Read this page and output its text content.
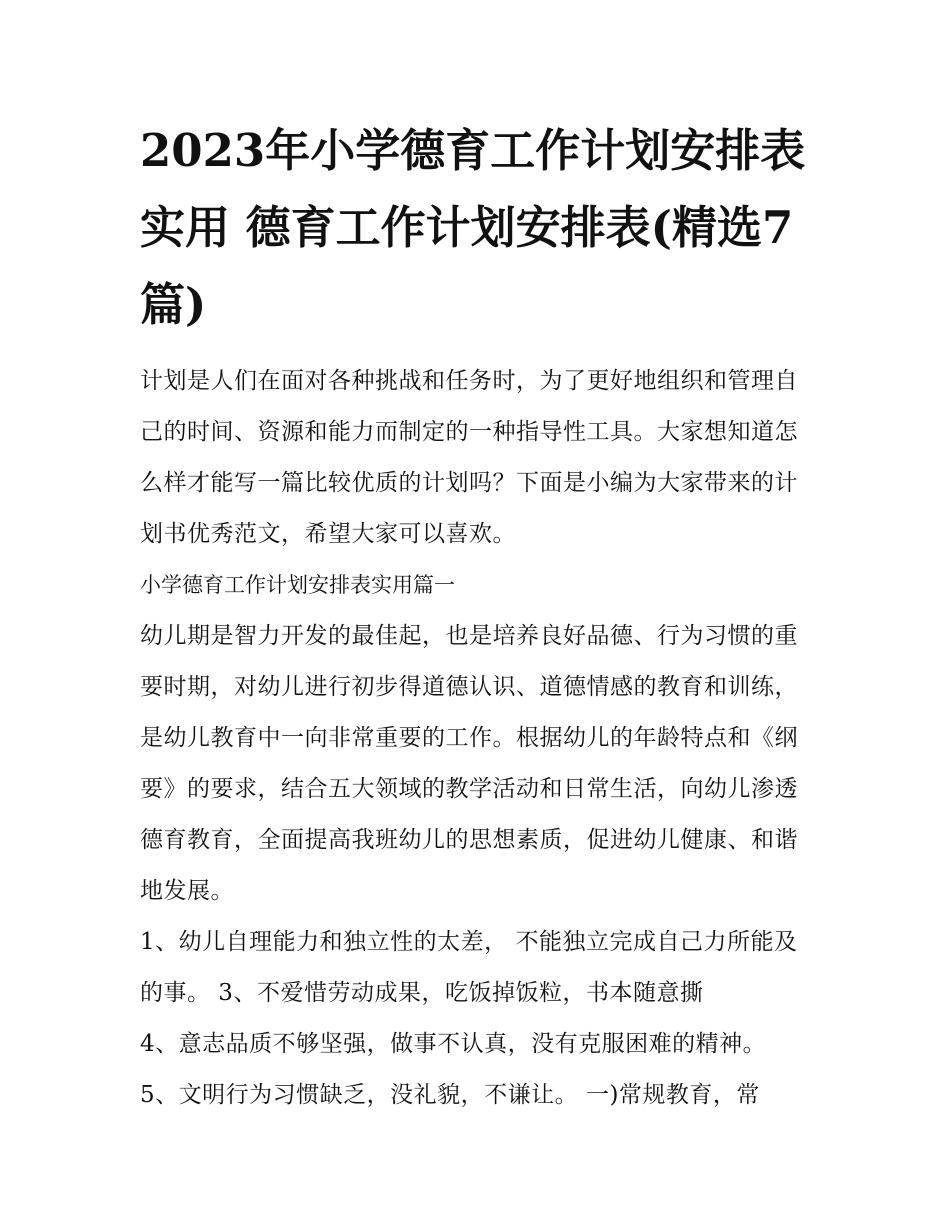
2023年小学德育工作计划安排表实用 德育工作计划安排表(精选7篇)

计划是人们在面对各种挑战和任务时，为了更好地组织和管理自己的时间、资源和能力而制定的一种指导性工具。大家想知道怎么样才能写一篇比较优质的计划吗？下面是小编为大家带来的计划书优秀范文，希望大家可以喜欢。

小学德育工作计划安排表实用篇一

幼儿期是智力开发的最佳起，也是培养良好品德、行为习惯的重要时期，对幼儿进行初步得道德认识、道德情感的教育和训练，是幼儿教育中一向非常重要的工作。根据幼儿的年龄特点和《纲要》的要求，结合五大领域的教学活动和日常生活，向幼儿渗透德育教育，全面提高我班幼儿的思想素质，促进幼儿健康、和谐地发展。

1、幼儿自理能力和独立性的太差， 不能独立完成自己力所能及的事。 3、不爱惜劳动成果，吃饭掉饭粒，书本随意撕

4、意志品质不够坚强，做事不认真，没有克服困难的精神。

5、文明行为习惯缺乏，没礼貌，不谦让。 一)常规教育，常
